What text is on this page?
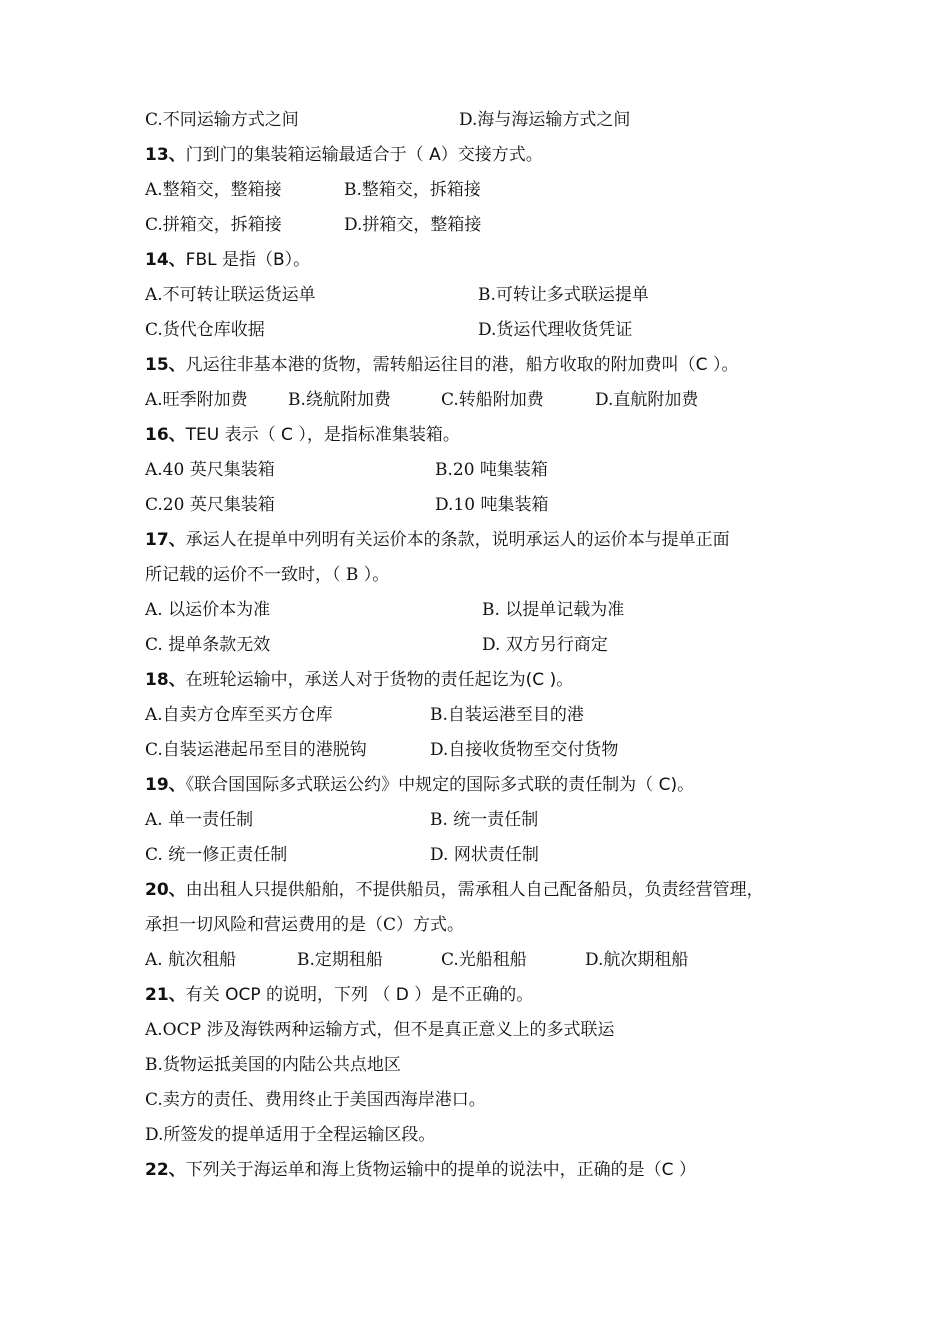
C.不同运输方式之间	D.海与海运输方式之间
13、门到门的集装箱运输最适合于（ A）交接方式。
A.整箱交，整箱接	B.整箱交，拆箱接
C.拼箱交，拆箱接	D.拼箱交，整箱接
14、FBL 是指（B）。
A.不可转让联运货运单	B.可转让多式联运提单
C.货代仓库收据	D.货运代理收货凭证
15、凡运往非基本港的货物，需转船运往目的港，船方收取的附加费叫（C ）。
A.旺季附加费 B.绕航附加费	C.转船附加费	D.直航附加费
16、TEU 表示（ C ），是指标准集装箱。
A.40 英尺集装箱	B.20 吨集装箱
C.20 英尺集装箱	D.10 吨集装箱
17、承运人在提单中列明有关运价本的条款，说明承运人的运价本与提单正面
所记载的运价不一致时，（ B ）。
A. 以运价本为准	B. 以提单记载为准
C. 提单条款无效	D. 双方另行商定
18、在班轮运输中，承送人对于货物的责任起讫为(C )。
A.自卖方仓库至买方仓库	B.自装运港至目的港
C.自装运港起吊至目的港脱钩	D.自接收货物至交付货物
19、《联合国国际多式联运公约》中规定的国际多式联的责任制为（ C)。
A. 单一责任制	B. 统一责任制
C. 统一修正责任制	D. 网状责任制
20、由出租人只提供船舶，不提供船员，需承租人自己配备船员，负责经营管理，
承担一切风险和营运费用的是（C）方式。
A. 航次租船	B.定期租船	C.光船租船	D.航次期租船
21、有关 OCP 的说明，下列 （ D ）是不正确的。
A.OCP 涉及海铁两种运输方式，但不是真正意义上的多式联运
B.货物运抵美国的内陆公共点地区
C.卖方的责任、费用终止于美国西海岸港口。
D.所签发的提单适用于全程运输区段。
22、下列关于海运单和海上货物运输中的提单的说法中，正确的是（C ）
